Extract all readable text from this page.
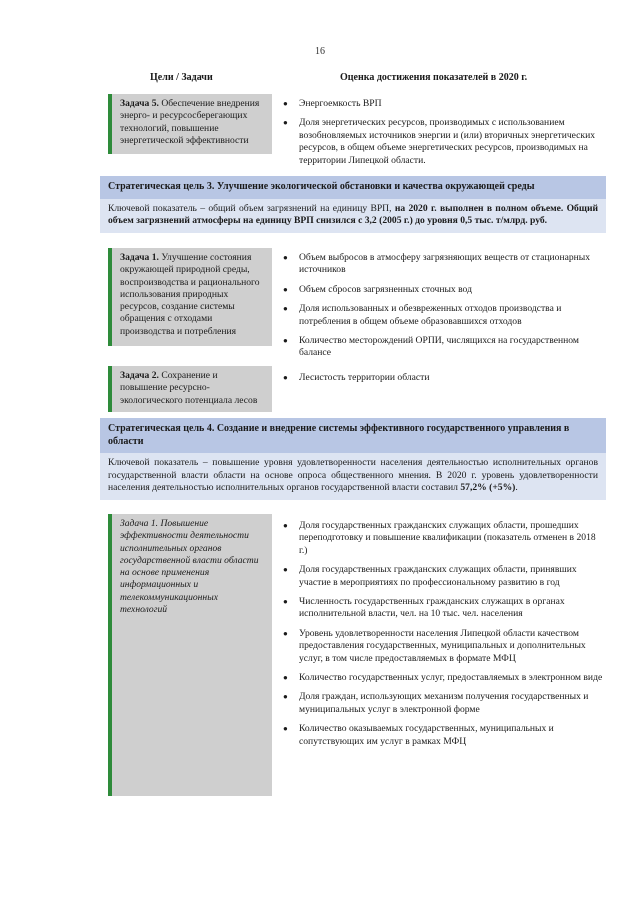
16
Цели / Задачи	Оценка достижения показателей в 2020 г.
Задача 5. Обеспечение внедрения энерго- и ресурсосберегающих технологий, повышение энергетической эффективности
● Энергоемкость ВРП
● Доля энергетических ресурсов, производимых с использованием возобновляемых источников энергии и (или) вторичных энергетических ресурсов, в общем объеме энергетических ресурсов, производимых на территории Липецкой области.
Стратегическая цель 3. Улучшение экологической обстановки и качества окружающей среды
Ключевой показатель – общий объем загрязнений на единицу ВРП, на 2020 г. выполнен в полном объеме. Общий объем загрязнений атмосферы на единицу ВРП снизился с 3,2 (2005 г.) до уровня 0,5 тыс. т/млрд. руб.
Задача 1. Улучшение состояния окружающей природной среды, воспроизводства и рационального использования природных ресурсов, создание системы обращения с отходами производства и потребления
● Объем выбросов в атмосферу загрязняющих веществ от стационарных источников
● Объем сбросов загрязненных сточных вод
● Доля использованных и обезвреженных отходов производства и потребления в общем объеме образовавшихся отходов
● Количество месторождений ОРПИ, числящихся на государственном балансе
Задача 2. Сохранение и повышение ресурсно-экологического потенциала лесов
● Лесистость территории области
Стратегическая цель 4. Создание и внедрение системы эффективного государственного управления в области
Ключевой показатель – повышение уровня удовлетворенности населения деятельностью исполнительных органов государственной власти области на основе опроса общественного мнения. В 2020 г. уровень удовлетворенности населения деятельностью исполнительных органов государственной власти составил 57,2% (+5%).
Задача 1. Повышение эффективности деятельности исполнительных органов государственной власти области на основе применения информационных и телекоммуникационных технологий
● Доля государственных гражданских служащих области, прошедших переподготовку и повышение квалификации (показатель отменен в 2018 г.)
● Доля государственных гражданских служащих области, принявших участие в мероприятиях по профессиональному развитию в год
● Численность государственных гражданских служащих в органах исполнительной власти, чел. на 10 тыс. чел. населения
● Уровень удовлетворенности населения Липецкой области качеством предоставления государственных, муниципальных и дополнительных услуг, в том числе предоставляемых в формате МФЦ
● Количество государственных услуг, предоставляемых в электронном виде
● Доля граждан, использующих механизм получения государственных и муниципальных услуг в электронной форме
● Количество оказываемых государственных, муниципальных и сопутствующих им услуг в рамках МФЦ
